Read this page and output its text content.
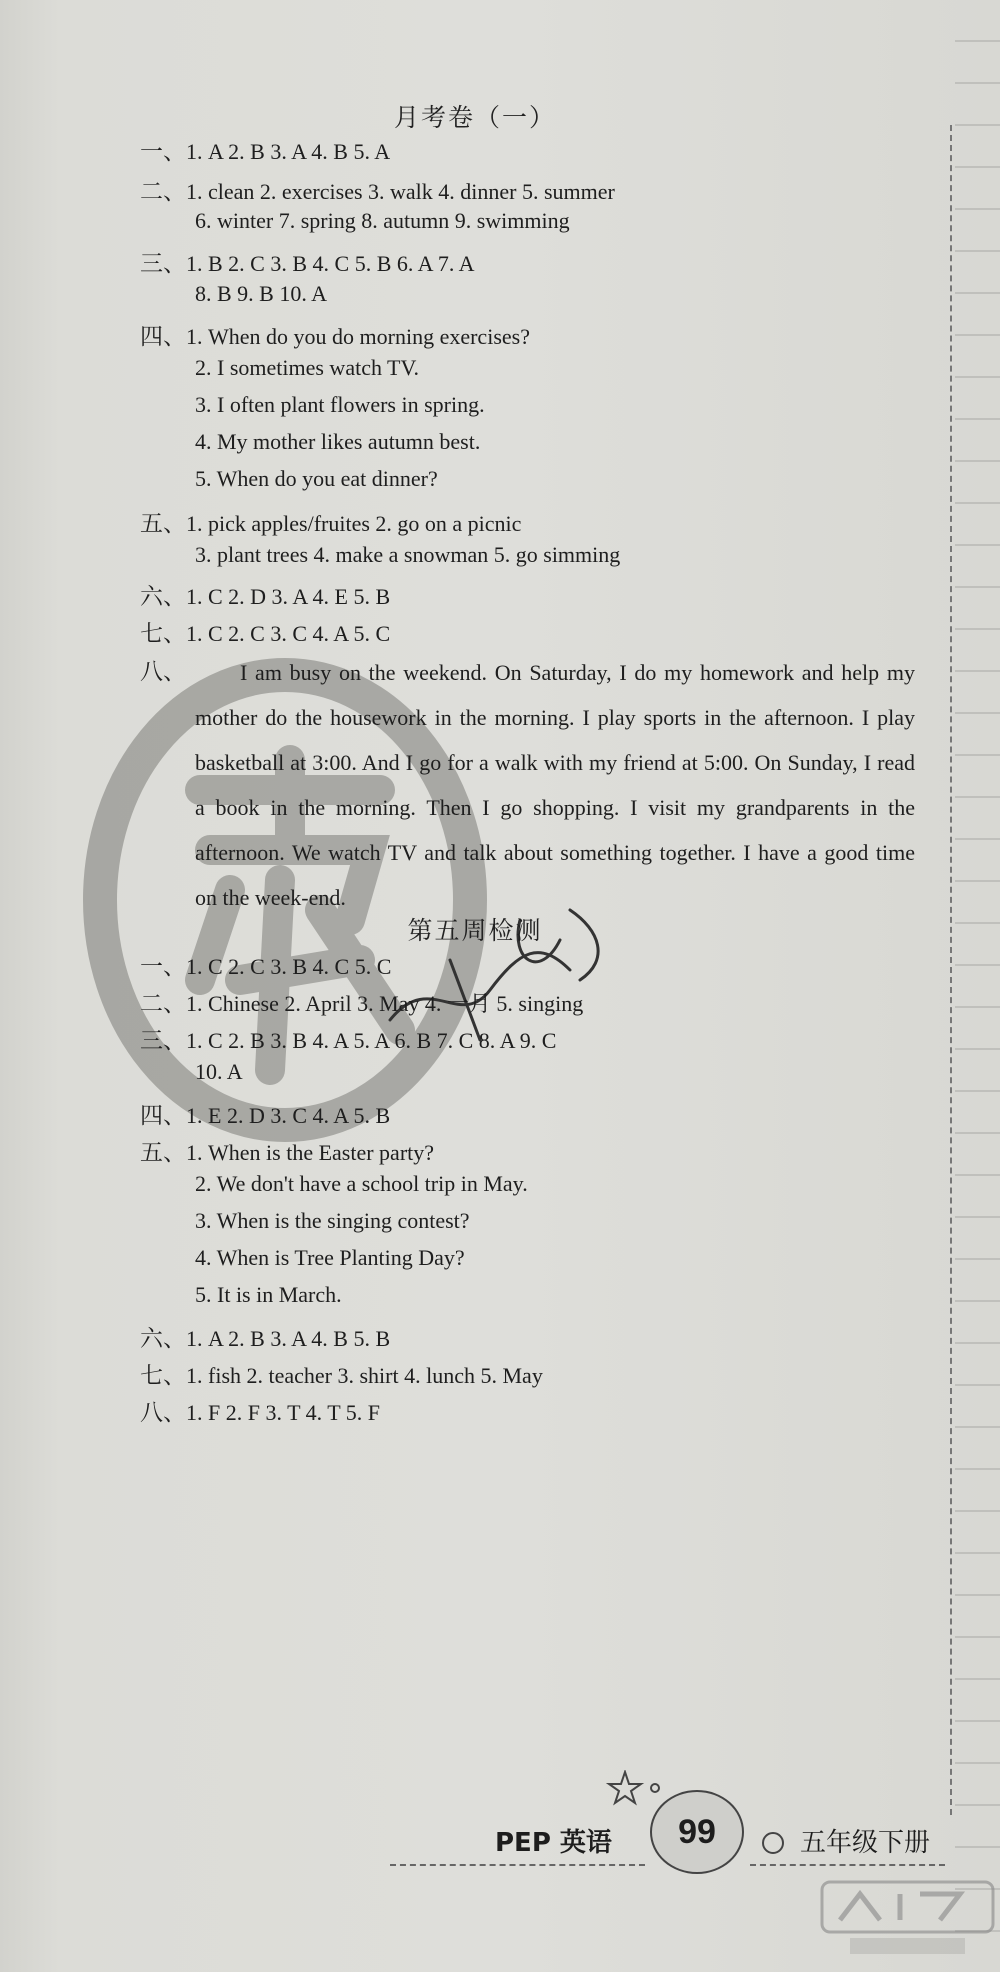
月考卷（一）
一、1. A 2. B 3. A 4. B 5. A
二、1. clean 2. exercises 3. walk 4. dinner 5. summer
6. winter 7. spring 8. autumn 9. swimming
三、1. B 2. C 3. B 4. C 5. B 6. A 7. A
8. B 9. B 10. A
四、1. When do you do morning exercises?
2. I sometimes watch TV.
3. I often plant flowers in spring.
4. My mother likes autumn best.
5. When do you eat dinner?
五、1. pick apples/fruites 2. go on a picnic
3. plant trees 4. make a snowman 5. go simming
六、1. C 2. D 3. A 4. E 5. B
七、1. C 2. C 3. C 4. A 5. C
八、 I am busy on the weekend. On Saturday, I do my homework and help my mother do the housework in the morning. I play sports in the afternoon. I play basketball at 3:00. And I go for a walk with my friend at 5:00. On Sunday, I read a book in the morning. Then I go shopping. I visit my grandparents in the afternoon. We watch TV and talk about something together. I have a good time on the week-end.
第五周检测
一、1. C 2. C 3. B 4. C 5. C
二、1. Chinese 2. April 3. May 4. 一月 5. singing
三、1. C 2. B 3. B 4. A 5. A 6. B 7. C 8. A 9. C
10. A
四、1. E 2. D 3. C 4. A 5. B
五、1. When is the Easter party?
2. We don't have a school trip in May.
3. When is the singing contest?
4. When is Tree Planting Day?
5. It is in March.
六、1. A 2. B 3. A 4. B 5. B
七、1. fish 2. teacher 3. shirt 4. lunch 5. May
八、1. F 2. F 3. T 4. T 5. F
PEP 英语	99	五年级下册
